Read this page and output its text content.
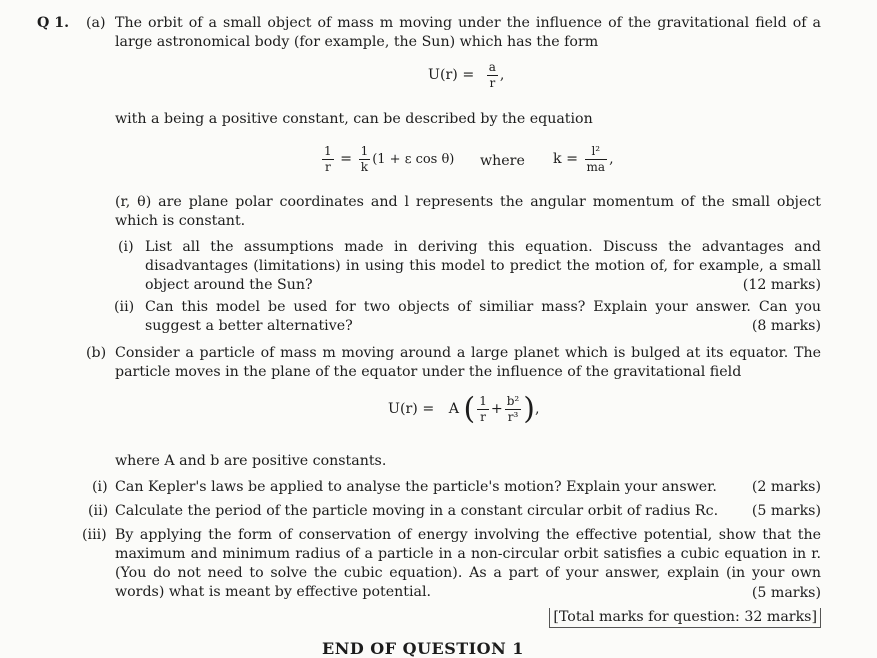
Q 1. (a) The orbit of a small object of mass m moving under the influence of the gravitational field of a large astronomical body (for example, the Sun) which has the form
$U(r) = \frac{a}{r}$ ,
with a being a positive constant, can be described by the equation
$\frac{1}{r} = \frac{1}{k} (1 + \varepsilon$ cos θ) where $k = \frac{\text{l²}}{ma}$ ,
(r, θ) are plane polar coordinates and l represents the angular momentum of the small object which is constant.
(i) List all the assumptions made in deriving this equation. Discuss the advantages and disadvantages (limitations) in using this model to predict the motion of, for example, a small object around the Sun?	(12 marks)
(ii) Can this model be used for two objects of similiar mass? Explain your answer. Can you suggest a better alternative?	(8 marks)
(b) Consider a particle of mass m moving around a large planet which is bulged at its equator. The particle moves in the plane of the equator under the influence of the gravitational field
U(r) = A ( $\frac{1}{r} + \frac{\text{b²}}{\text{r³}}$ ),
where A and b are positive constants.
(i) Can Kepler's laws be applied to analyse the particle's motion? Explain your answer. (2 marks)
(ii) Calculate the period of the particle moving in a constant circular orbit of radius Rc. (5 marks)
(iii) By applying the form of conservation of energy involving the effective potential, show that the maximum and minimum radius of a particle in a non-circular orbit satisfies a cubic equation in r. (You do not need to solve the cubic equation). As a part of your answer, explain (in your own words) what is meant by effective potential.	(5 marks)
[Total marks for question: 32 marks]
END OF QUESTION 1
